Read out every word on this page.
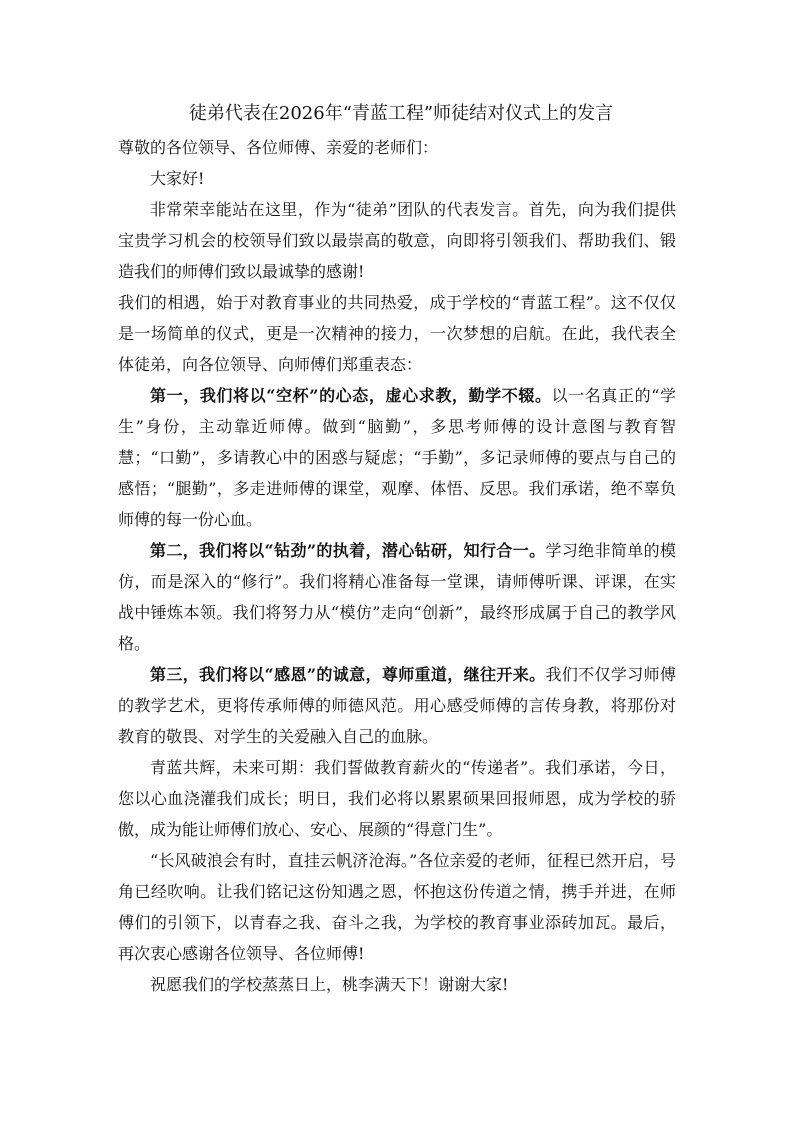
徒弟代表在2026年“青蓝工程”师徒结对仪式上的发言

尊敬的各位领导、各位师傅、亲爱的老师们：

大家好!

非常荣幸能站在这里，作为“徒弟”团队的代表发言。首先，向为我们提供宝贵学习机会的校领导们致以最崇高的敬意，向即将引领我们、帮助我们、锻造我们的师傅们致以最诚挚的感谢!

我们的相遇，始于对教育事业的共同热爱，成于学校的“青蓝工程”。这不仅仅是一场简单的仪式，更是一次精神的接力，一次梦想的启航。在此，我代表全体徒弟，向各位领导、向师傅们郑重表态：

第一，我们将以“空杯”的心态，虚心求教，勤学不辍。以一名真正的“学生”身份，主动靠近师傅。做到“脑勤”，多思考师傅的设计意图与教育智慧；“口勤”，多请教心中的困惑与疑虑；“手勤”，多记录师傅的要点与自己的感悟；“腿勤”，多走进师傅的课堂，观摩、体悟、反思。我们承诺，绝不辜负师傅的每一份心血。

第二，我们将以“钻劲”的执着，潜心钻研，知行合一。学习绝非简单的模仿，而是深入的“修行”。我们将精心准备每一堂课，请师傅听课、评课，在实战中锤炼本领。我们将努力从“模仿”走向“创新”，最终形成属于自己的教学风格。

第三，我们将以“感恩”的诚意，尊师重道，继往开来。我们不仅学习师傅的教学艺术，更将传承师傅的师德风范。用心感受师傅的言传身教，将那份对教育的敬畏、对学生的关爱融入自己的血脉。

青蓝共辉，未来可期：我们誓做教育薪火的“传递者”。我们承诺，今日，您以心血浇灌我们成长；明日，我们必将以累累硕果回报师恩，成为学校的骄傲，成为能让师傅们放心、安心、展颜的“得意门生”。

“长风破浪会有时，直挂云帆济沧海。”各位亲爱的老师，征程已然开启，号角已经吹响。让我们铭记这份知遇之恩，怀抱这份传道之情，携手并进，在师傅们的引领下，以青春之我、奋斗之我，为学校的教育事业添砖加瓦。最后，再次衷心感谢各位领导、各位师傅!

祝愿我们的学校蒸蒸日上，桃李满天下！谢谢大家!
